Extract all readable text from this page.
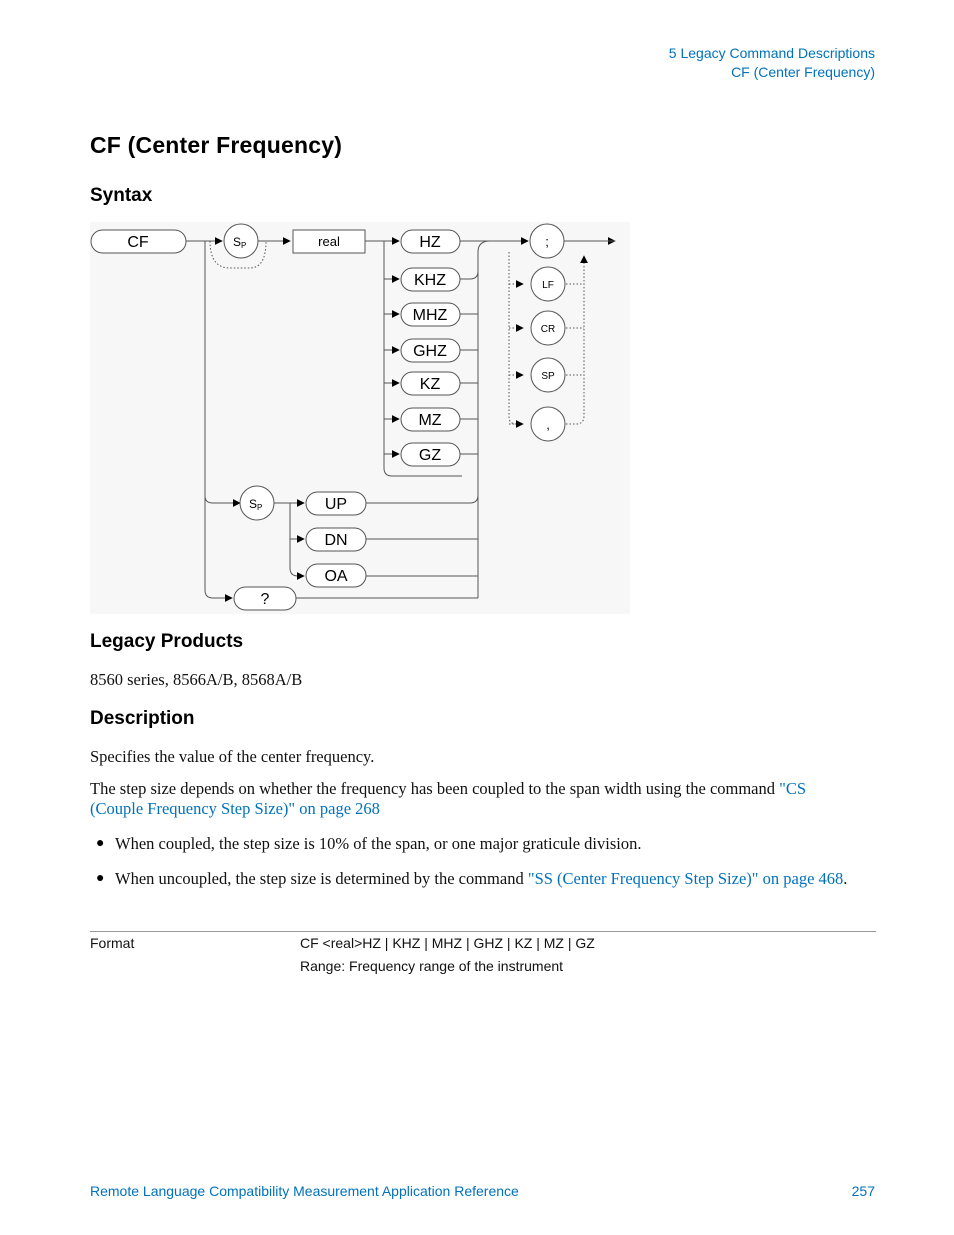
5 Legacy Command Descriptions
CF (Center Frequency)
CF (Center Frequency)
Syntax
CF	SP	real	HZ
KHZ
MHZ
GHZ
KZ
MZ
GZ
SP	UP
DN
OA
?
;
LF
CR
SP
,
Legacy Products

8560 series, 8566A/B, 8568A/B

Description

Specifies the value of the center frequency.

The step size depends on whether the frequency has been coupled to the span width using the command "CS (Couple Frequency Step Size)" on page 268

● When coupled, the step size is 10% of the span, or one major graticule division.

● When uncoupled, the step size is determined by the command "SS (Center Frequency Step Size)" on page 468.

Format	CF <real>HZ | KHZ | MHZ | GHZ | KZ | MZ | GZ
Range: Frequency range of the instrument
Remote Language Compatibility Measurement Application Reference	257
